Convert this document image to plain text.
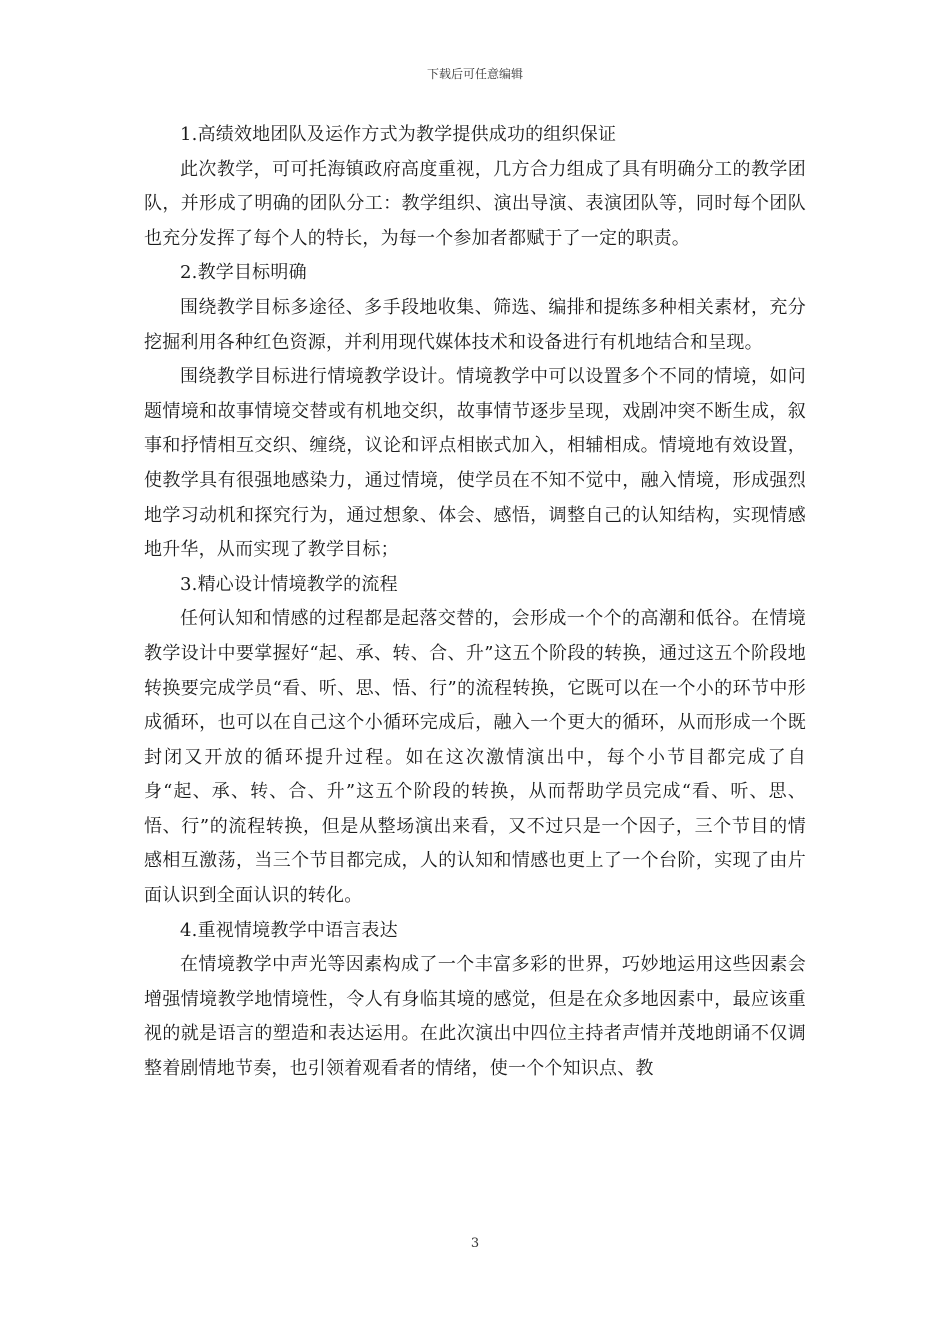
下载后可任意编辑

1.高绩效地团队及运作方式为教学提供成功的组织保证

此次教学，可可托海镇政府高度重视，几方合力组成了具有明确分工的教学团队，并形成了明确的团队分工：教学组织、演出导演、表演团队等，同时每个团队也充分发挥了每个人的特长，为每一个参加者都赋于了一定的职责。

2.教学目标明确

围绕教学目标多途径、多手段地收集、筛选、编排和提练多种相关素材，充分挖掘利用各种红色资源，并利用现代媒体技术和设备进行有机地结合和呈现。

围绕教学目标进行情境教学设计。情境教学中可以设置多个不同的情境，如问题情境和故事情境交替或有机地交织，故事情节逐步呈现，戏剧冲突不断生成，叙事和抒情相互交织、缠绕，议论和评点相嵌式加入，相辅相成。情境地有效设置，使教学具有很强地感染力，通过情境，使学员在不知不觉中，融入情境，形成强烈地学习动机和探究行为，通过想象、体会、感悟，调整自己的认知结构，实现情感地升华，从而实现了教学目标；

3.精心设计情境教学的流程

任何认知和情感的过程都是起落交替的，会形成一个个的高潮和低谷。在情境教学设计中要掌握好“起、承、转、合、升”这五个阶段的转换，通过这五个阶段地转换要完成学员“看、听、思、悟、行”的流程转换，它既可以在一个小的环节中形成循环，也可以在自己这个小循环完成后，融入一个更大的循环，从而形成一个既封闭又开放的循环提升过程。如在这次激情演出中，每个小节目都完成了自身“起、承、转、合、升”这五个阶段的转换，从而帮助学员完成“看、听、思、悟、行”的流程转换，但是从整场演出来看，又不过只是一个因子，三个节目的情感相互激荡，当三个节目都完成，人的认知和情感也更上了一个台阶，实现了由片面认识到全面认识的转化。

4.重视情境教学中语言表达

在情境教学中声光等因素构成了一个丰富多彩的世界，巧妙地运用这些因素会增强情境教学地情境性，令人有身临其境的感觉，但是在众多地因素中，最应该重视的就是语言的塑造和表达运用。在此次演出中四位主持者声情并茂地朗诵不仅调整着剧情地节奏，也引领着观看者的情绪，使一个个知识点、教

3
